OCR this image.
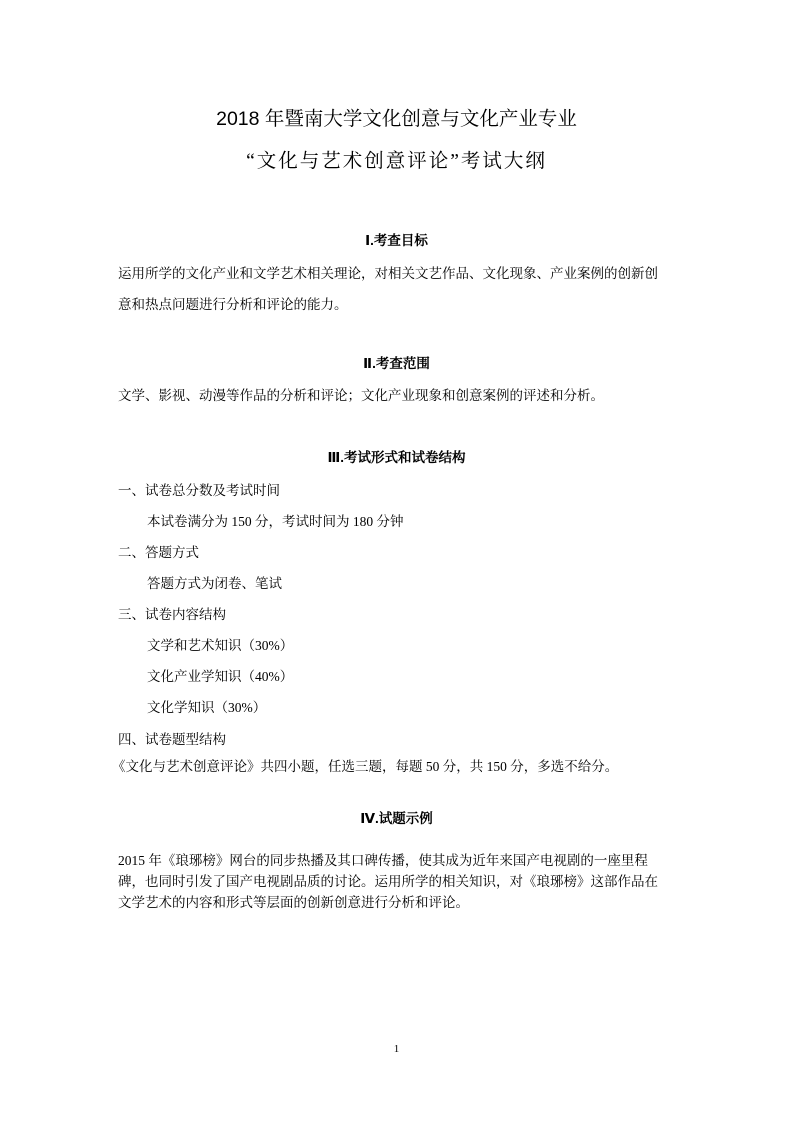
2018 年暨南大学文化创意与文化产业专业
“文化与艺术创意评论”考试大纲
Ⅰ.考查目标
运用所学的文化产业和文学艺术相关理论，对相关文艺作品、文化现象、产业案例的创新创
意和热点问题进行分析和评论的能力。
Ⅱ.考查范围
文学、影视、动漫等作品的分析和评论；文化产业现象和创意案例的评述和分析。
Ⅲ.考试形式和试卷结构
一、试卷总分数及考试时间
本试卷满分为 150 分，考试时间为 180 分钟
二、答题方式
答题方式为闭卷、笔试
三、试卷内容结构
文学和艺术知识（30%）
文化产业学知识（40%）
文化学知识（30%）
四、试卷题型结构
《文化与艺术创意评论》共四小题，任选三题，每题 50 分，共 150 分，多选不给分。
Ⅳ.试题示例
2015 年《琅琊榜》网台的同步热播及其口碑传播，使其成为近年来国产电视剧的一座里程
碑，也同时引发了国产电视剧品质的讨论。运用所学的相关知识，对《琅琊榜》这部作品在
文学艺术的内容和形式等层面的创新创意进行分析和评论。
1
